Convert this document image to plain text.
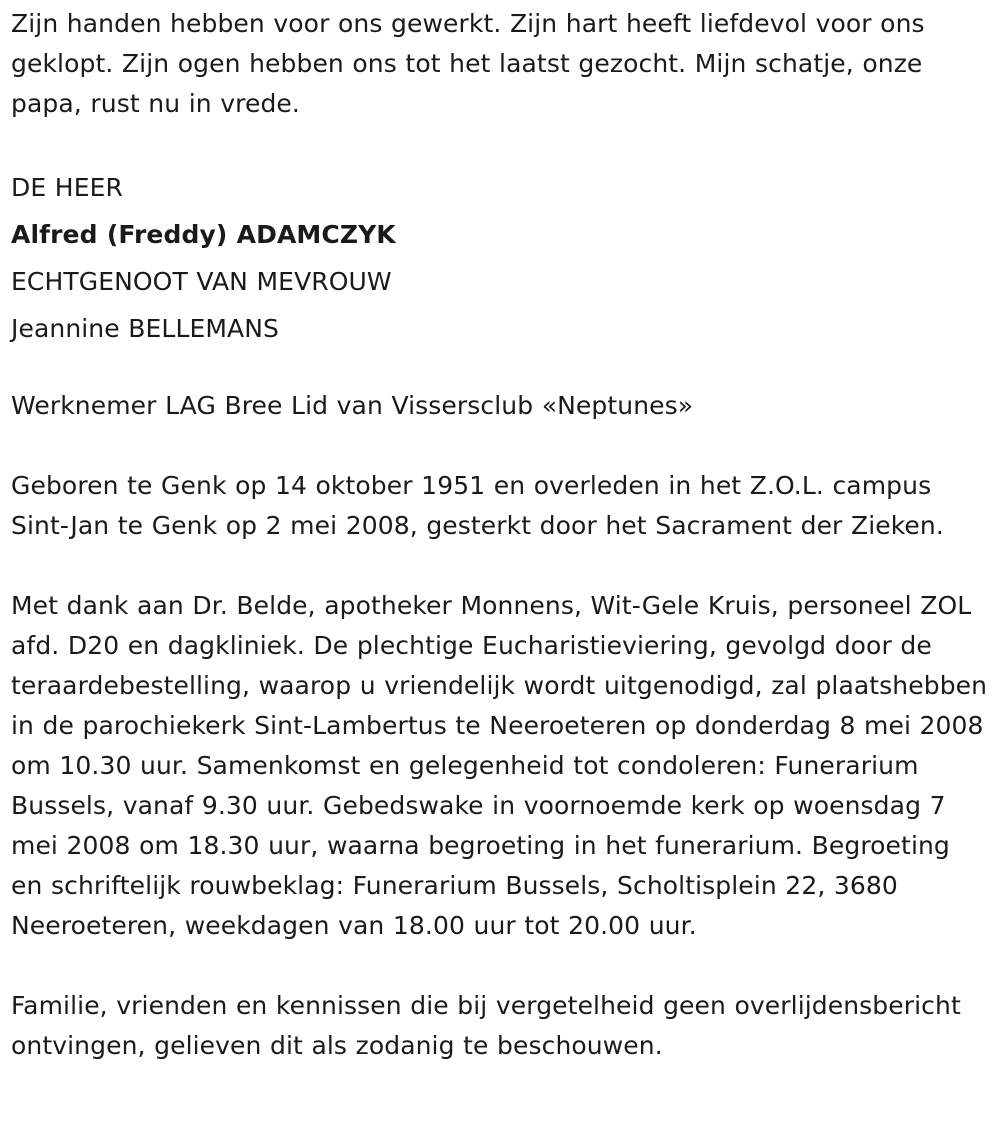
Zijn handen hebben voor ons gewerkt. Zijn hart heeft liefdevol voor ons geklopt. Zijn ogen hebben ons tot het laatst gezocht. Mijn schatje, onze papa, rust nu in vrede.

DE HEER

Alfred (Freddy) ADAMCZYK

ECHTGENOOT VAN MEVROUW

Jeannine BELLEMANS

Werknemer LAG Bree Lid van Vissersclub «Neptunes»

Geboren te Genk op 14 oktober 1951 en overleden in het Z.O.L. campus Sint-Jan te Genk op 2 mei 2008, gesterkt door het Sacrament der Zieken.

Met dank aan Dr. Belde, apotheker Monnens, Wit-Gele Kruis, personeel ZOL afd. D20 en dagkliniek. De plechtige Eucharistieviering, gevolgd door de teraardebestelling, waarop u vriendelijk wordt uitgenodigd, zal plaatshebben in de parochiekerk Sint-Lambertus te Neeroeteren op donderdag 8 mei 2008 om 10.30 uur. Samenkomst en gelegenheid tot condoleren: Funerarium Bussels, vanaf 9.30 uur. Gebedswake in voornoemde kerk op woensdag 7 mei 2008 om 18.30 uur, waarna begroeting in het funerarium. Begroeting en schriftelijk rouwbeklag: Funerarium Bussels, Scholtisplein 22, 3680 Neeroeteren, weekdagen van 18.00 uur tot 20.00 uur.

Familie, vrienden en kennissen die bij vergetelheid geen overlijdensbericht ontvingen, gelieven dit als zodanig te beschouwen.
